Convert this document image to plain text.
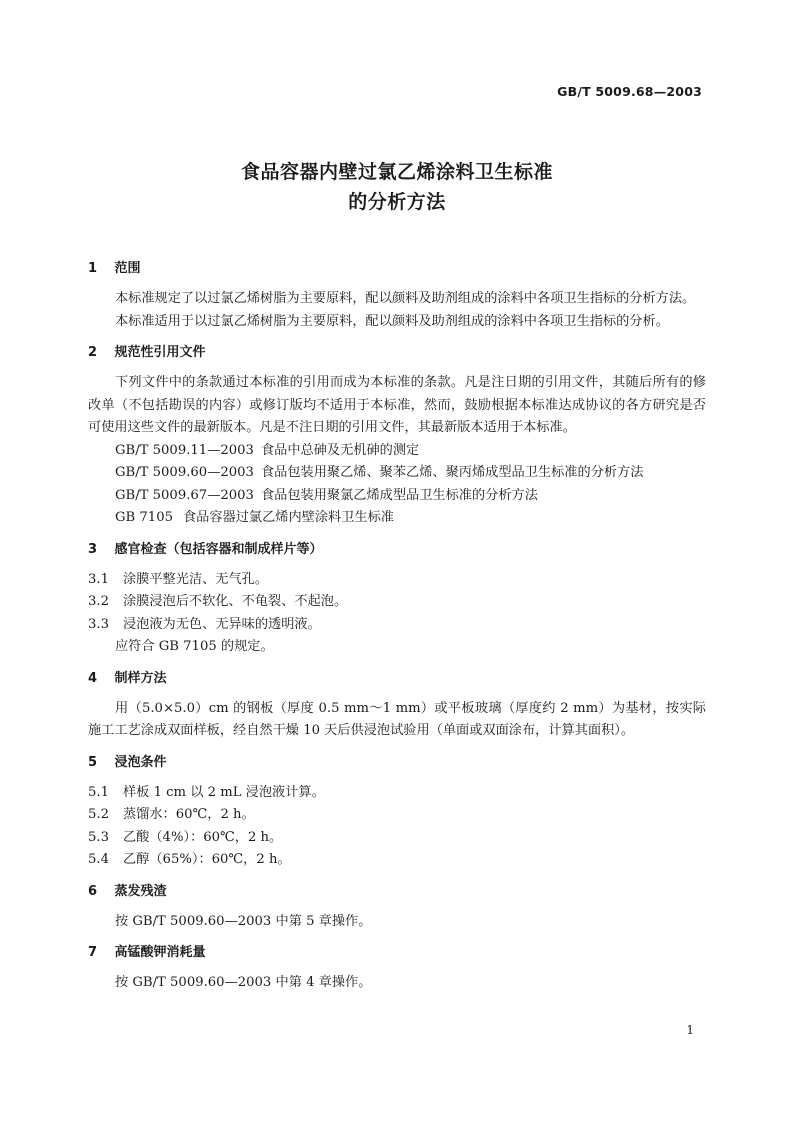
GB/T 5009.68—2003
食品容器内壁过氯乙烯涂料卫生标准
的分析方法
1 范围

本标准规定了以过氯乙烯树脂为主要原料，配以颜料及助剂组成的涂料中各项卫生指标的分析方法。

本标准适用于以过氯乙烯树脂为主要原料，配以颜料及助剂组成的涂料中各项卫生指标的分析。

2 规范性引用文件

下列文件中的条款通过本标准的引用而成为本标准的条款。凡是注日期的引用文件，其随后所有的修改单（不包括勘误的内容）或修订版均不适用于本标准，然而，鼓励根据本标准达成协议的各方研究是否可使用这些文件的最新版本。凡是不注日期的引用文件，其最新版本适用于本标准。

GB/T 5009.11—2003 食品中总砷及无机砷的测定

GB/T 5009.60—2003 食品包装用聚乙烯、聚苯乙烯、聚丙烯成型品卫生标准的分析方法

GB/T 5009.67—2003 食品包装用聚氯乙烯成型品卫生标准的分析方法

GB 7105 食品容器过氯乙烯内壁涂料卫生标准

3 感官检查（包括容器和制成样片等）

3.1 涂膜平整光洁、无气孔。

3.2 涂膜浸泡后不软化、不龟裂、不起泡。

3.3 浸泡液为无色、无异味的透明液。

应符合 GB 7105 的规定。

4 制样方法

用（5.0×5.0）cm 的钢板（厚度 0.5 mm～1 mm）或平板玻璃（厚度约 2 mm）为基材，按实际施工工艺涂成双面样板，经自然干燥 10 天后供浸泡试验用（单面或双面涂布，计算其面积）。

5 浸泡条件

5.1 样板 1 cm 以 2 mL 浸泡液计算。

5.2 蒸馏水：60℃，2 h。

5.3 乙酸（4%）：60℃，2 h。

5.4 乙醇（65%）：60℃，2 h。

6 蒸发残渣

按 GB/T 5009.60—2003 中第 5 章操作。

7 高锰酸钾消耗量

按 GB/T 5009.60—2003 中第 4 章操作。

1
